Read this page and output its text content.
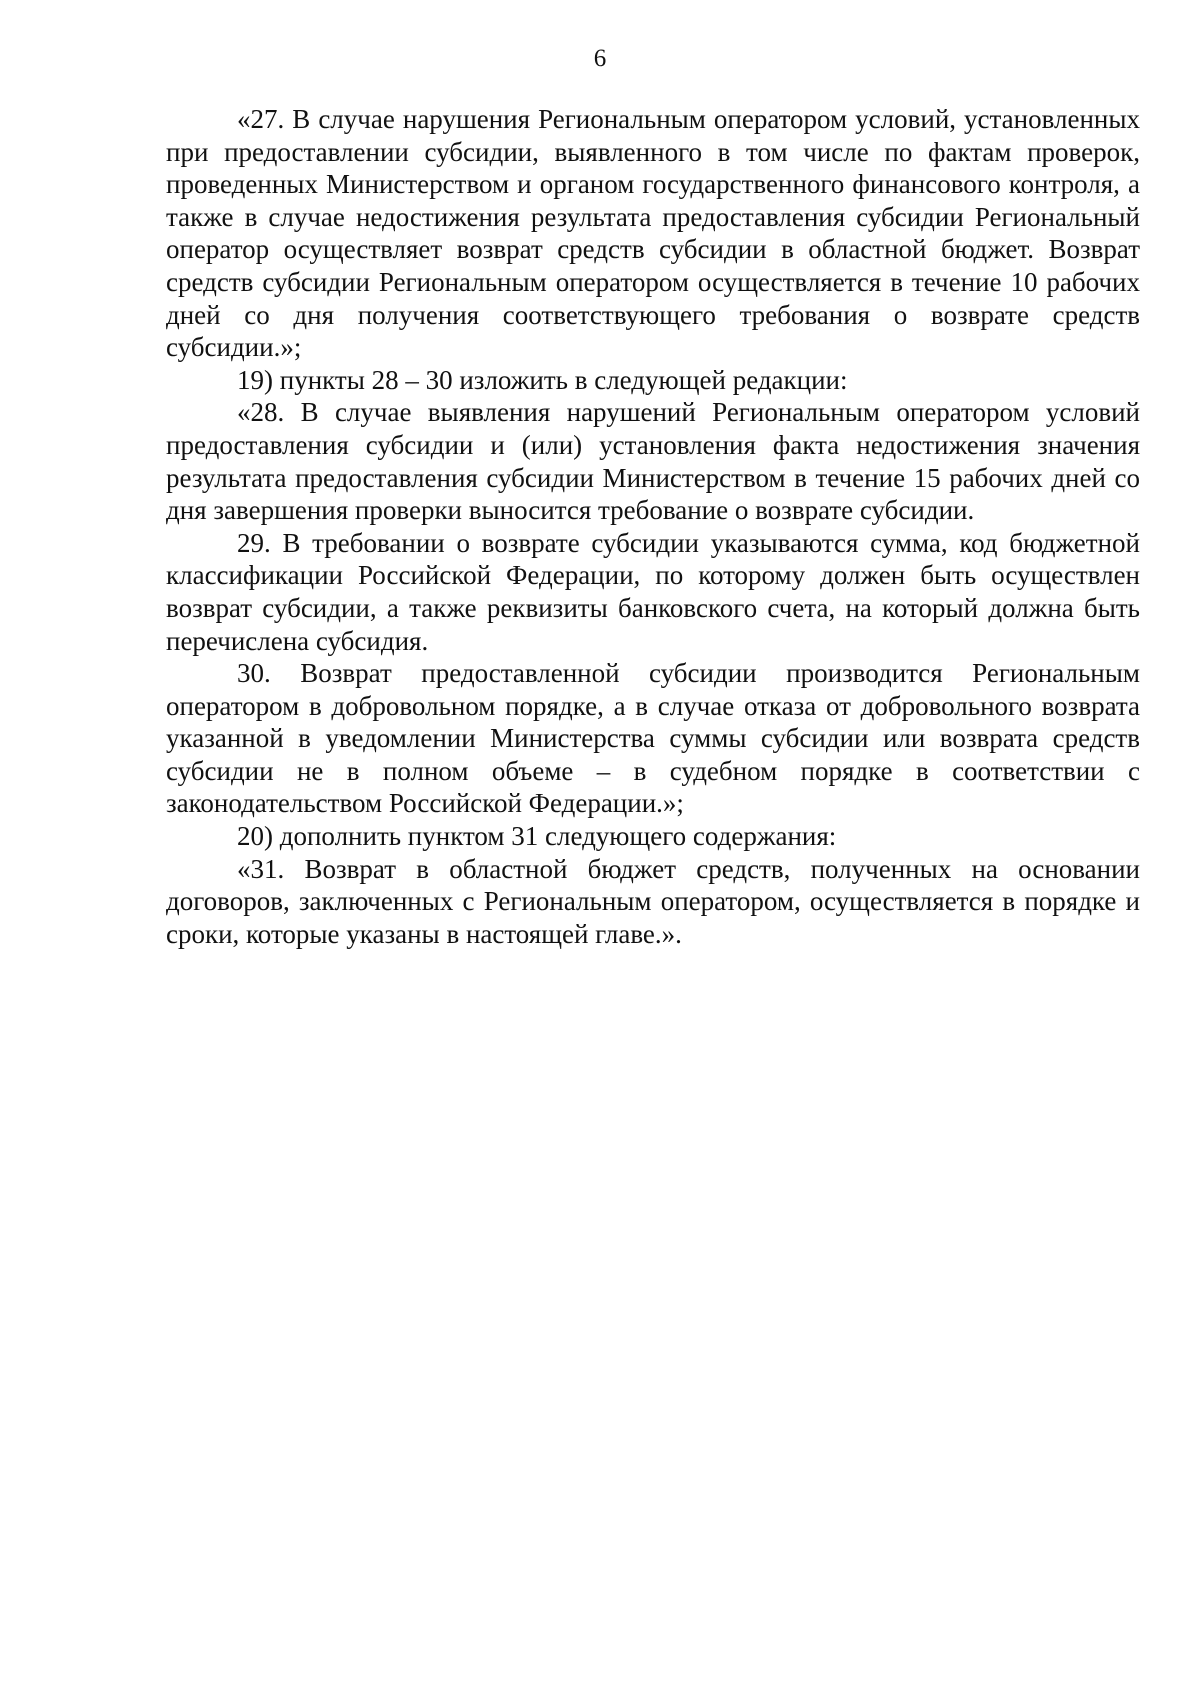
6

«27. В случае нарушения Региональным оператором условий, установленных при предоставлении субсидии, выявленного в том числе по фактам проверок, проведенных Министерством и органом государственного финансового контроля, а также в случае недостижения результата предоставления субсидии Региональный оператор осуществляет возврат средств субсидии в областной бюджет. Возврат средств субсидии Региональным оператором осуществляется в течение 10 рабочих дней со дня получения соответствующего требования о возврате средств субсидии.»;

19) пункты 28 – 30 изложить в следующей редакции:

«28. В случае выявления нарушений Региональным оператором условий предоставления субсидии и (или) установления факта недостижения значения результата предоставления субсидии Министерством в течение 15 рабочих дней со дня завершения проверки выносится требование о возврате субсидии.

29. В требовании о возврате субсидии указываются сумма, код бюджетной классификации Российской Федерации, по которому должен быть осуществлен возврат субсидии, а также реквизиты банковского счета, на который должна быть перечислена субсидия.

30. Возврат предоставленной субсидии производится Региональным оператором в добровольном порядке, а в случае отказа от добровольного возврата указанной в уведомлении Министерства суммы субсидии или возврата средств субсидии не в полном объеме – в судебном порядке в соответствии с законодательством Российской Федерации.»;

20) дополнить пунктом 31 следующего содержания:

«31. Возврат в областной бюджет средств, полученных на основании договоров, заключенных с Региональным оператором, осуществляется в порядке и сроки, которые указаны в настоящей главе.».
